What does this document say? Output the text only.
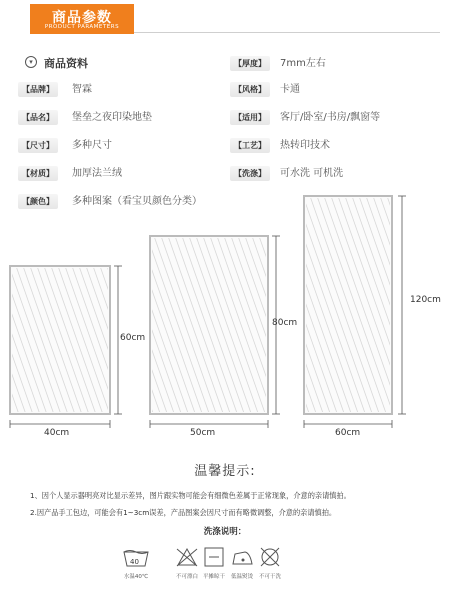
商品参数
PRODUCT PARAMETERS
▾	商品资料
【品牌】	智霖
【品名】	堡垒之夜印染地垫
【尺寸】	多种尺寸
【材质】	加厚法兰绒
【颜色】	多种图案（看宝贝颜色分类）
【厚度】	7mm左右
【风格】	卡通
【适用】	客厅/卧室/书房/飘窗等
【工艺】	热转印技术
【洗涤】	可水洗 可机洗
40cm
60cm
50cm
80cm
60cm
120cm
温馨提示:
1、因个人显示器明亮对比显示差异，图片跟实物可能会有细微色差属于正常现象，介意的亲请慎拍。
2.因产品手工包边，可能会有1~3cm误差，产品图案会因尺寸而有略微调整，介意的亲请慎拍。
洗涤说明：
40
水温40℃	不可漂白 平摊晾干	低温熨烫	不可干洗
